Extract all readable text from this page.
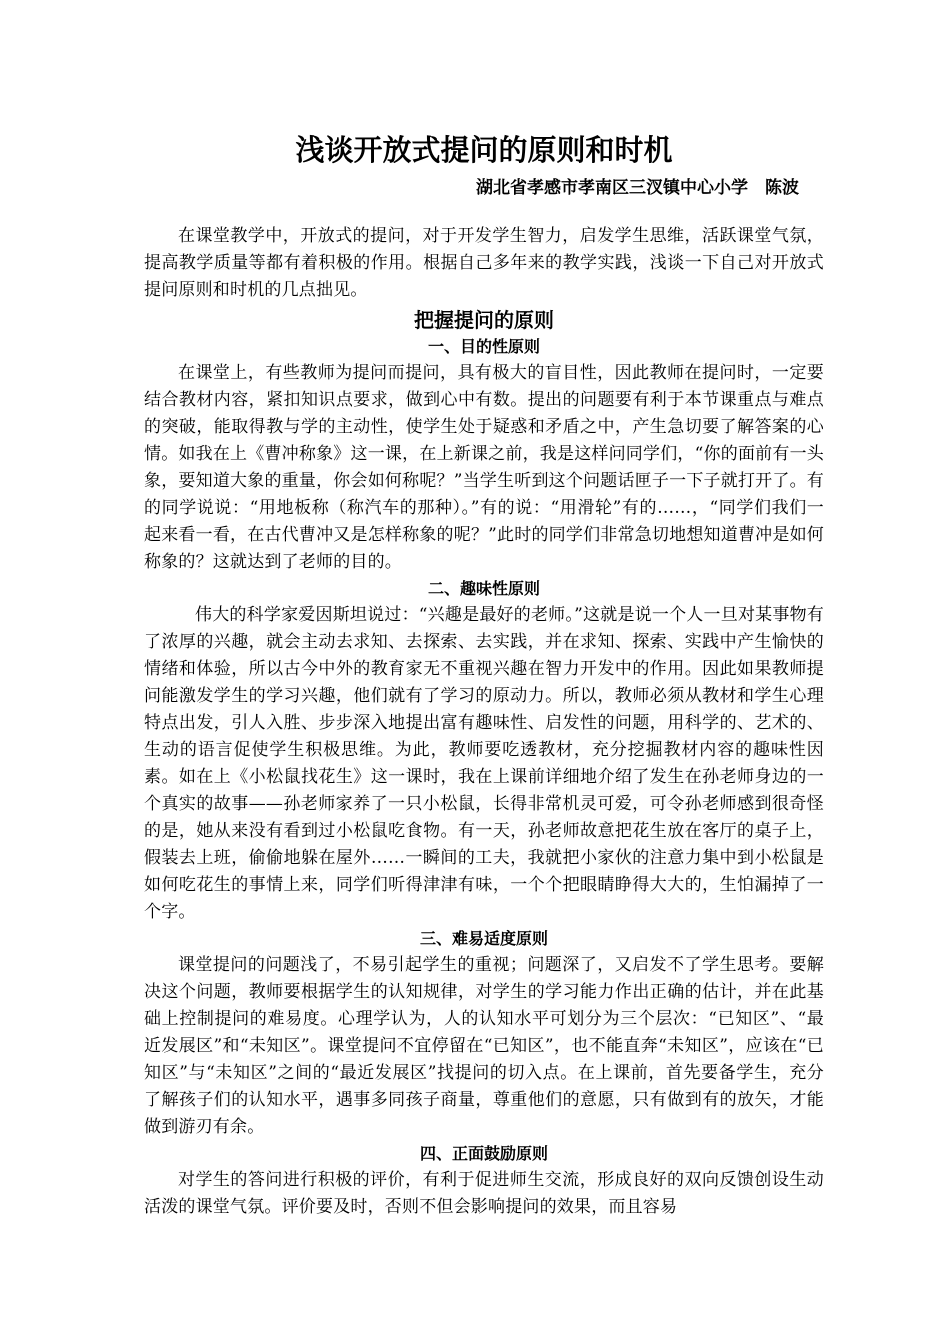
浅谈开放式提问的原则和时机
湖北省孝感市孝南区三汊镇中心小学　陈波

在课堂教学中，开放式的提问，对于开发学生智力，启发学生思维，活跃课堂气氛，提高教学质量等都有着积极的作用。根据自己多年来的教学实践，浅谈一下自己对开放式提问原则和时机的几点拙见。

把握提问的原则
一、目的性原则

在课堂上，有些教师为提问而提问，具有极大的盲目性，因此教师在提问时，一定要结合教材内容，紧扣知识点要求，做到心中有数。提出的问题要有利于本节课重点与难点的突破，能取得教与学的主动性，使学生处于疑惑和矛盾之中，产生急切要了解答案的心情。如我在上《曹冲称象》这一课，在上新课之前，我是这样问同学们，“你的面前有一头象，要知道大象的重量，你会如何称呢？”当学生听到这个问题话匣子一下子就打开了。有的同学说说：“用地板称（称汽车的那种）。”有的说：“用滑轮”有的……，“同学们我们一起来看一看，在古代曹冲又是怎样称象的呢？”此时的同学们非常急切地想知道曹冲是如何称象的？这就达到了老师的目的。

二、趣味性原则

伟大的科学家爱因斯坦说过：“兴趣是最好的老师。”这就是说一个人一旦对某事物有了浓厚的兴趣，就会主动去求知、去探索、去实践，并在求知、探索、实践中产生愉快的情绪和体验，所以古今中外的教育家无不重视兴趣在智力开发中的作用。因此如果教师提问能激发学生的学习兴趣，他们就有了学习的原动力。所以，教师必须从教材和学生心理特点出发，引人入胜、步步深入地提出富有趣味性、启发性的问题，用科学的、艺术的、生动的语言促使学生积极思维。为此，教师要吃透教材，充分挖掘教材内容的趣味性因素。如在上《小松鼠找花生》这一课时，我在上课前详细地介绍了发生在孙老师身边的一个真实的故事——孙老师家养了一只小松鼠，长得非常机灵可爱，可令孙老师感到很奇怪的是，她从来没有看到过小松鼠吃食物。有一天，孙老师故意把花生放在客厅的桌子上，假装去上班，偷偷地躲在屋外……一瞬间的工夫，我就把小家伙的注意力集中到小松鼠是如何吃花生的事情上来，同学们听得津津有味，一个个把眼睛睁得大大的，生怕漏掉了一个字。

三、难易适度原则

课堂提问的问题浅了，不易引起学生的重视；问题深了，又启发不了学生思考。要解决这个问题，教师要根据学生的认知规律，对学生的学习能力作出正确的估计，并在此基础上控制提问的难易度。心理学认为，人的认知水平可划分为三个层次：“已知区”、“最近发展区”和“未知区”。课堂提问不宜停留在“已知区”，也不能直奔“未知区”，应该在“已知区”与“未知区”之间的“最近发展区”找提问的切入点。在上课前，首先要备学生，充分了解孩子们的认知水平，遇事多同孩子商量，尊重他们的意愿，只有做到有的放矢，才能做到游刃有余。

四、正面鼓励原则

对学生的答问进行积极的评价，有利于促进师生交流，形成良好的双向反馈创设生动活泼的课堂气氛。评价要及时，否则不但会影响提问的效果，而且容易
